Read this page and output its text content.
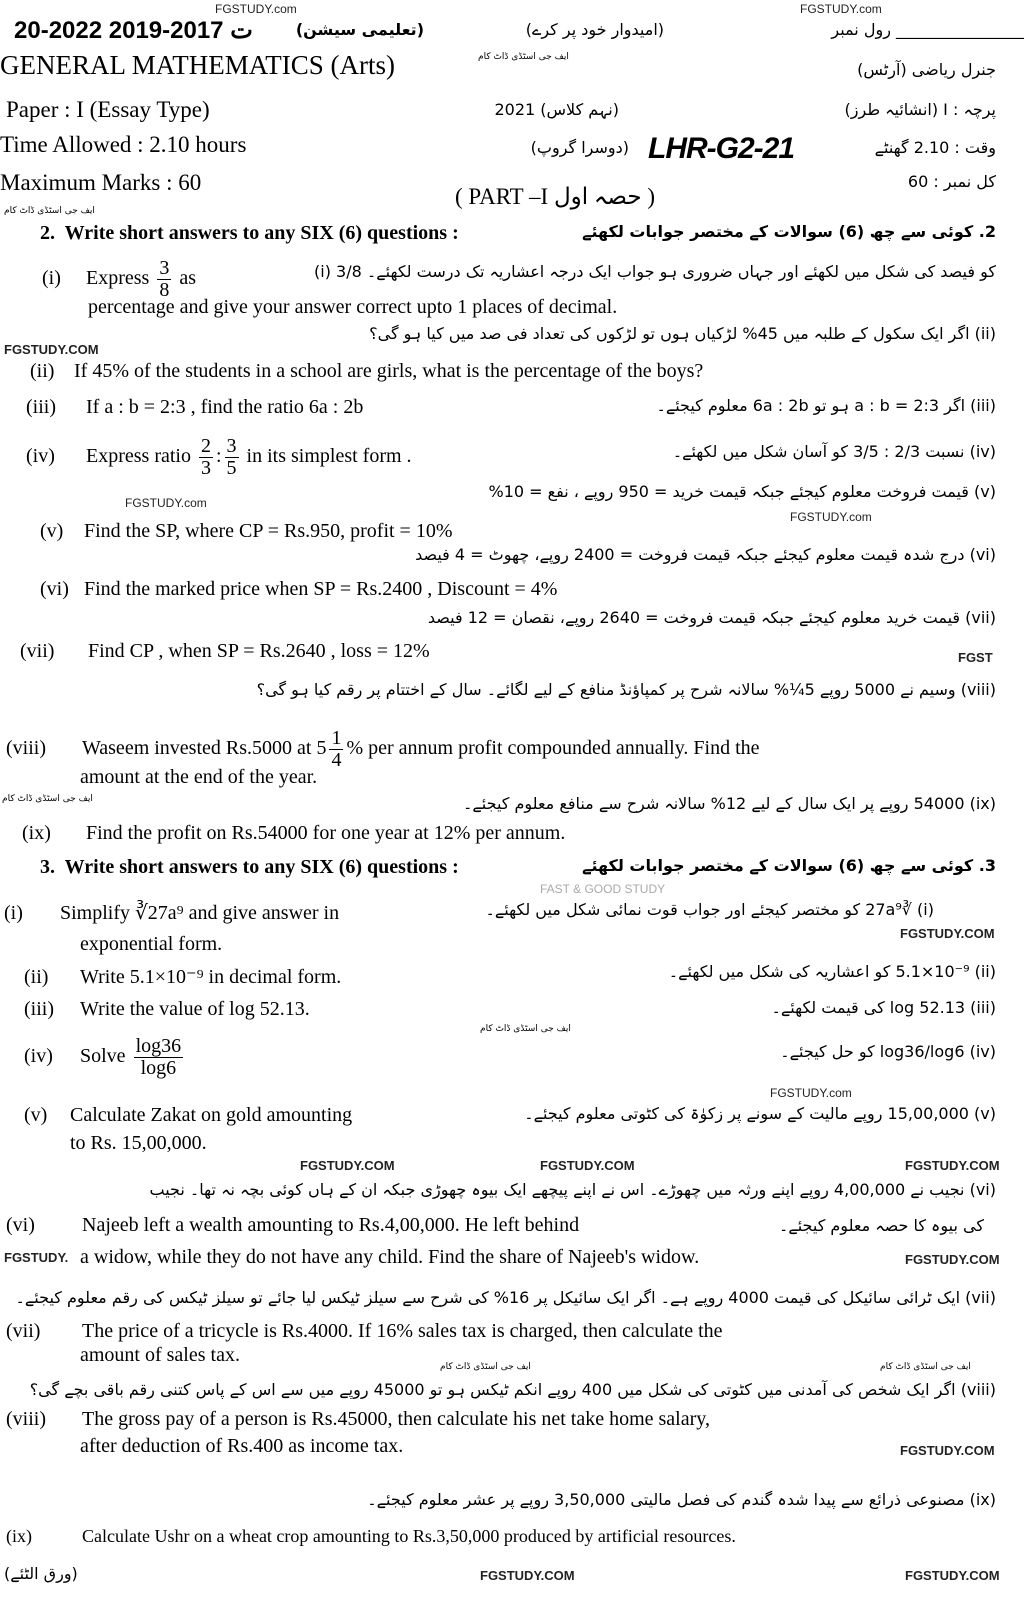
FGSTUDY.com	FGSTUDY.com
20-2022 ت 2017-2019	(تعلیمی سیشن)	(امیدوار خود پر کرے)	________________ رول نمبر
GENERAL MATHEMATICS (Arts)	جنرل ریاضی (آرٹس)
ایف جی اسٹڈی ڈاٹ کام
Paper : I (Essay Type)	(نہم کلاس) 2021	پرچہ : I (انشائیہ طرز)
Time Allowed : 2.10 hours	(دوسرا گروپ) LHR-G2-21	وقت : 2.10 گھنٹے
Maximum Marks : 60	کل نمبر : 60
( PART –I حصہ اول )
ایف جی اسٹڈی ڈاٹ کام
2. Write short answers to any SIX (6) questions :	2. کوئی سے چھ (6) سوالات کے مختصر جوابات لکھئے
(i) Express $\frac{3}{8}$ as	کو فیصد کی شکل میں لکھئے اور جہاں ضروری ہو جواب ایک درجہ اعشاریہ تک درست لکھئے۔ 3/8 (i)
percentage and give your answer correct upto 1 places of decimal.
FGSTUDY.COM
(ii) اگر ایک سکول کے طلبہ میں 45% لڑکیاں ہوں تو لڑکوں کی تعداد فی صد میں کیا ہو گی؟
(ii) If 45% of the students in a school are girls, what is the percentage of the boys?
(iii) If a : b = 2:3 , find the ratio 6a : 2b	(iii) اگر a : b = 2:3 ہو تو 6a : 2b معلوم کیجئے۔
(iv) Express ratio $\frac{2}{3}$ : $\frac{3}{5}$ in its simplest form .	(iv) نسبت 2/3 : 3/5 کو آسان شکل میں لکھئے۔
FGSTUDY.com
(v) قیمت فروخت معلوم کیجئے جبکہ قیمت خرید = 950 روپے ، نفع = 10%
FGSTUDY.com
(v) Find the SP, where CP = Rs.950, profit = 10%
(vi) درج شدہ قیمت معلوم کیجئے جبکہ قیمت فروخت = 2400 روپے، چھوٹ = 4 فیصد
(vi) Find the marked price when SP = Rs.2400 , Discount = 4%
(vii) قیمت خرید معلوم کیجئے جبکہ قیمت فروخت = 2640 روپے، نقصان = 12 فیصد
(vii) Find CP , when SP = Rs.2640 , loss = 12%	FGST
(viii) وسیم نے 5000 روپے 5¼% سالانہ شرح پر کمپاؤنڈ منافع کے لیے لگائے۔ سال کے اختتام پر رقم کیا ہو گی؟
(viii) Waseem invested Rs.5000 at $5 \frac{1}{4}$ % per annum profit compounded annually. Find the
amount at the end of the year.
ایف جی اسٹڈی ڈاٹ کام	(ix) 54000 روپے پر ایک سال کے لیے 12% سالانہ شرح سے منافع معلوم کیجئے۔
(ix) Find the profit on Rs.54000 for one year at 12% per annum.
3. Write short answers to any SIX (6) questions :	3. کوئی سے چھ (6) سوالات کے مختصر جوابات لکھئے
FAST & GOOD STUDY
(i) Simplify ∛27a⁹ and give answer in	(i) ∛27a⁹ کو مختصر کیجئے اور جواب قوت نمائی شکل میں لکھئے۔
FGSTUDY.COM
exponential form.
(ii) Write 5.1×10⁻⁹ in decimal form.	(ii) 5.1×10⁻⁹ کو اعشاریہ کی شکل میں لکھئے۔
(iii) Write the value of log 52.13.	(iii) log 52.13 کی قیمت لکھئے۔
ایف جی اسٹڈی ڈاٹ کام
(iv) Solve $\frac{\log 36}{\log 6}$	(iv) log36/log6 کو حل کیجئے۔
FGSTUDY.com
(v) Calculate Zakat on gold amounting	(v) 15,00,000 روپے مالیت کے سونے پر زکوٰۃ کی کٹوتی معلوم کیجئے۔
to Rs. 15,00,000.
FGSTUDY.COM	FGSTUDY.COM	FGSTUDY.COM
(vi) نجیب نے 4,00,000 روپے اپنے ورثہ میں چھوڑے۔ اس نے اپنے پیچھے ایک بیوہ چھوڑی جبکہ ان کے ہاں کوئی بچہ نہ تھا۔ نجیب
(vi) Najeeb left a wealth amounting to Rs.4,00,000. He left behind	کی بیوہ کا حصہ معلوم کیجئے۔
FGSTUDY. a widow, while they do not have any child. Find the share of Najeeb's widow.	FGSTUDY.COM
(vii) ایک ٹرائی سائیکل کی قیمت 4000 روپے ہے۔ اگر ایک سائیکل پر 16% کی شرح سے سیلز ٹیکس لیا جائے تو سیلز ٹیکس کی رقم معلوم کیجئے۔
(vii) The price of a tricycle is Rs.4000. If 16% sales tax is charged, then calculate the
amount of sales tax.
ایف جی اسٹڈی ڈاٹ کام	ایف جی اسٹڈی ڈاٹ کام
(viii) اگر ایک شخص کی آمدنی میں کٹوتی کی شکل میں 400 روپے انکم ٹیکس ہو تو 45000 روپے میں سے اس کے پاس کتنی رقم باقی بچے گی؟
(viii) The gross pay of a person is Rs.45000, then calculate his net take home salary,
after deduction of Rs.400 as income tax.	FGSTUDY.COM
(ix) مصنوعی ذرائع سے پیدا شدہ گندم کی فصل مالیتی 3,50,000 روپے پر عشر معلوم کیجئے۔
(ix)	Calculate Ushr on a wheat crop amounting to Rs.3,50,000 produced by artificial resources.
(ورق الٹئے)	FGSTUDY.COM	FGSTUDY.COM
